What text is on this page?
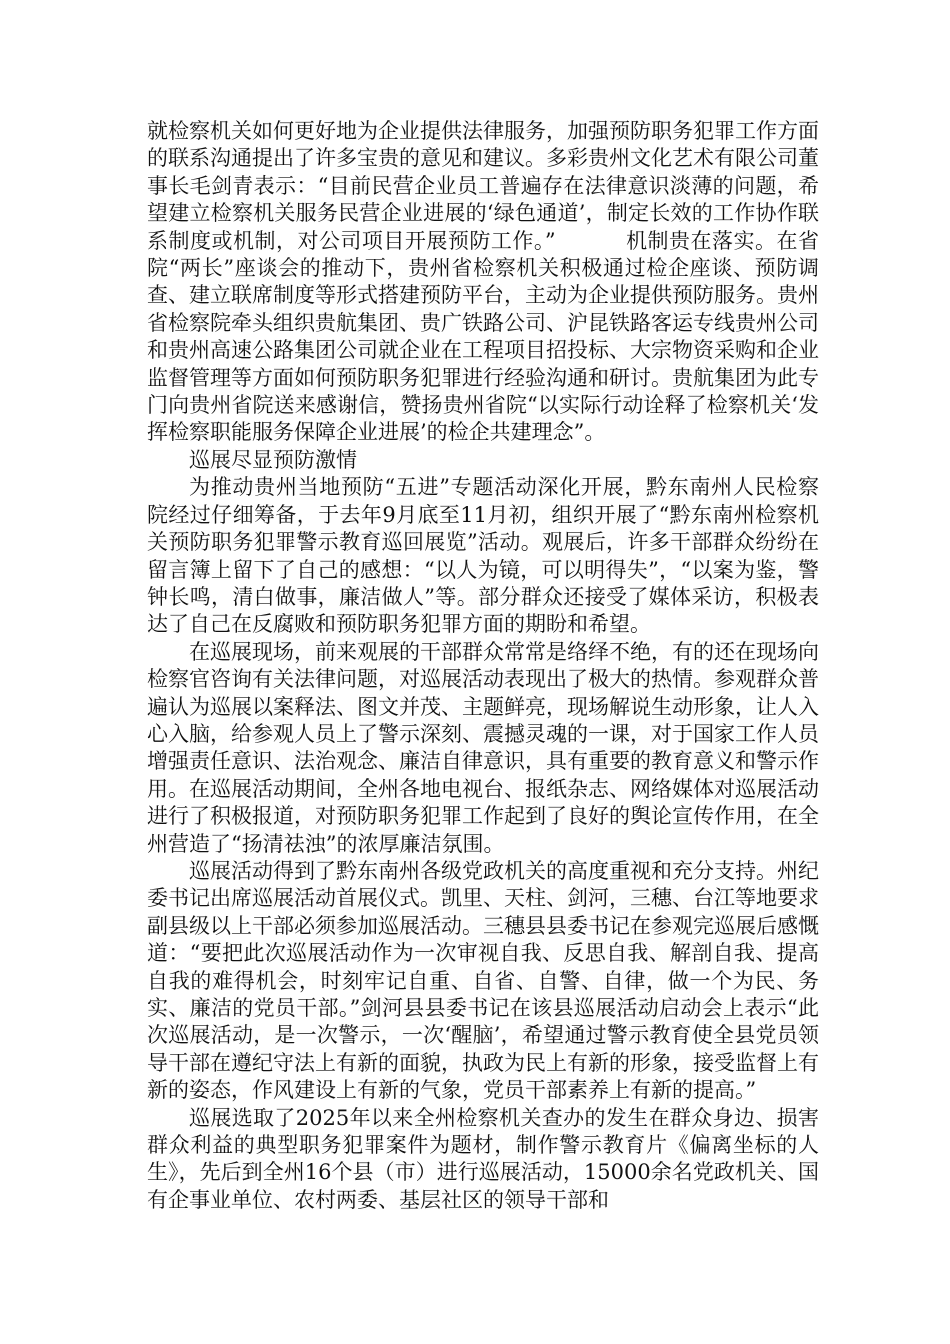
就检察机关如何更好地为企业提供法律服务，加强预防职务犯罪工作方面的联系沟通提出了许多宝贵的意见和建议。多彩贵州文化艺术有限公司董事长毛剑青表示：“目前民营企业员工普遍存在法律意识淡薄的问题，希望建立检察机关服务民营企业进展的‘绿色通道’，制定长效的工作协作联系制度或机制，对公司项目开展预防工作。”	机制贵在落实。在省院“两长”座谈会的推动下，贵州省检察机关积极通过检企座谈、预防调查、建立联席制度等形式搭建预防平台，主动为企业提供预防服务。贵州省检察院牵头组织贵航集团、贵广铁路公司、沪昆铁路客运专线贵州公司和贵州高速公路集团公司就企业在工程项目招投标、大宗物资采购和企业监督管理等方面如何预防职务犯罪进行经验沟通和研讨。贵航集团为此专门向贵州省院送来感谢信，赞扬贵州省院“以实际行动诠释了检察机关‘发挥检察职能服务保障企业进展’的检企共建理念”。

巡展尽显预防激情

为推动贵州当地预防“五进”专题活动深化开展，黔东南州人民检察院经过仔细筹备，于去年9月底至11月初，组织开展了“黔东南州检察机关预防职务犯罪警示教育巡回展览”活动。观展后，许多干部群众纷纷在留言簿上留下了自己的感想：“以人为镜，可以明得失”，“以案为鉴，警钟长鸣，清白做事，廉洁做人”等。部分群众还接受了媒体采访，积极表达了自己在反腐败和预防职务犯罪方面的期盼和希望。

在巡展现场，前来观展的干部群众常常是络绎不绝，有的还在现场向检察官咨询有关法律问题，对巡展活动表现出了极大的热情。参观群众普遍认为巡展以案释法、图文并茂、主题鲜亮，现场解说生动形象，让人入心入脑，给参观人员上了警示深刻、震撼灵魂的一课，对于国家工作人员增强责任意识、法治观念、廉洁自律意识，具有重要的教育意义和警示作用。在巡展活动期间，全州各地电视台、报纸杂志、网络媒体对巡展活动进行了积极报道，对预防职务犯罪工作起到了良好的舆论宣传作用，在全州营造了“扬清祛浊”的浓厚廉洁氛围。

巡展活动得到了黔东南州各级党政机关的高度重视和充分支持。州纪委书记出席巡展活动首展仪式。凯里、天柱、剑河，三穗、台江等地要求副县级以上干部必须参加巡展活动。三穗县县委书记在参观完巡展后感慨道：“要把此次巡展活动作为一次审视自我、反思自我、解剖自我、提高自我的难得机会，时刻牢记自重、自省、自警、自律，做一个为民、务实、廉洁的党员干部。”剑河县县委书记在该县巡展活动启动会上表示“此次巡展活动，是一次警示，一次‘醒脑’，希望通过警示教育使全县党员领导干部在遵纪守法上有新的面貌，执政为民上有新的形象，接受监督上有新的姿态，作风建设上有新的气象，党员干部素养上有新的提高。”

巡展选取了2025年以来全州检察机关查办的发生在群众身边、损害群众利益的典型职务犯罪案件为题材，制作警示教育片《偏离坐标的人生》，先后到全州16个县（市）进行巡展活动，15000余名党政机关、国有企事业单位、农村两委、基层社区的领导干部和
